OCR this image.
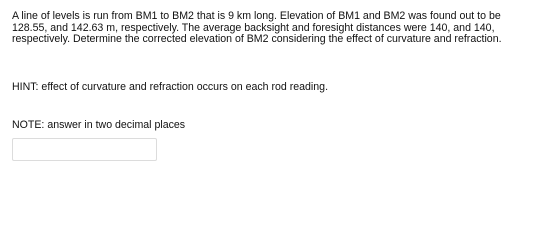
A line of levels is run from BM1 to BM2 that is 9 km long. Elevation of BM1 and BM2 was found out to be 128.55, and 142.63 m, respectively. The average backsight and foresight distances were 140, and 140, respectively. Determine the corrected elevation of BM2 considering the effect of curvature and refraction.

HINT: effect of curvature and refraction occurs on each rod reading.

NOTE: answer in two decimal places
